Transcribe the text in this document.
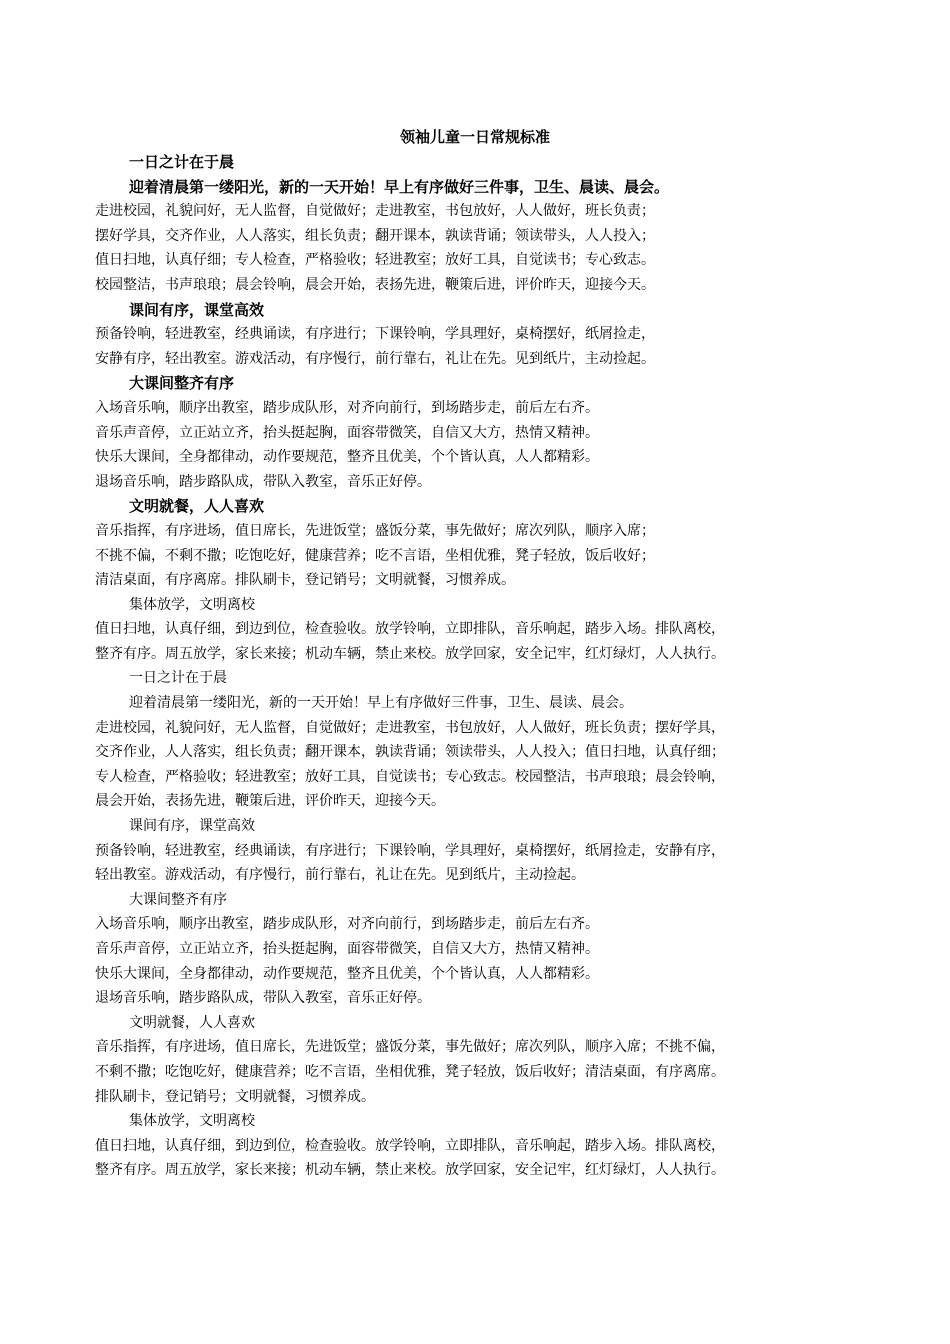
领袖儿童一日常规标准
一日之计在于晨
迎着清晨第一缕阳光，新的一天开始！早上有序做好三件事，卫生、晨读、晨会。
走进校园，礼貌问好，无人监督，自觉做好；走进教室，书包放好，人人做好，班长负责；
摆好学具，交齐作业，人人落实，组长负责；翻开课本，孰读背诵；领读带头，人人投入；
值日扫地，认真仔细；专人检查，严格验收；轻进教室；放好工具，自觉读书；专心致志。
校园整洁，书声琅琅；晨会铃响，晨会开始，表扬先进，鞭策后进，评价昨天，迎接今天。
课间有序，课堂高效
预备铃响，轻进教室，经典诵读，有序进行；下课铃响，学具理好，桌椅摆好，纸屑捡走，
安静有序，轻出教室。游戏活动，有序慢行，前行靠右，礼让在先。见到纸片，主动捡起。
大课间整齐有序
入场音乐响，顺序出教室，踏步成队形，对齐向前行，到场踏步走，前后左右齐。
音乐声音停，立正站立齐，抬头挺起胸，面容带微笑，自信又大方，热情又精神。
快乐大课间，全身都律动，动作要规范，整齐且优美，个个皆认真，人人都精彩。
退场音乐响，踏步路队成，带队入教室，音乐正好停。
文明就餐，人人喜欢
音乐指挥，有序进场，值日席长，先进饭堂；盛饭分菜，事先做好；席次列队，顺序入席；
不挑不偏，不剩不撒；吃饱吃好，健康营养；吃不言语，坐相优雅，凳子轻放，饭后收好；
清洁桌面，有序离席。排队刷卡，登记销号；文明就餐，习惯养成。
集体放学，文明离校
值日扫地，认真仔细，到边到位，检查验收。放学铃响，立即排队，音乐响起，踏步入场。排队离校，
整齐有序。周五放学，家长来接；机动车辆，禁止来校。放学回家，安全记牢，红灯绿灯，人人执行。
一日之计在于晨
迎着清晨第一缕阳光，新的一天开始！早上有序做好三件事，卫生、晨读、晨会。
走进校园，礼貌问好，无人监督，自觉做好；走进教室，书包放好，人人做好，班长负责；摆好学具，
交齐作业，人人落实，组长负责；翻开课本，孰读背诵；领读带头，人人投入；值日扫地，认真仔细；
专人检查，严格验收；轻进教室；放好工具，自觉读书；专心致志。校园整洁，书声琅琅；晨会铃响，
晨会开始，表扬先进，鞭策后进，评价昨天，迎接今天。
课间有序，课堂高效
预备铃响，轻进教室，经典诵读，有序进行；下课铃响，学具理好，桌椅摆好，纸屑捡走，安静有序，
轻出教室。游戏活动，有序慢行，前行靠右，礼让在先。见到纸片，主动捡起。
大课间整齐有序
入场音乐响，顺序出教室，踏步成队形，对齐向前行，到场踏步走，前后左右齐。
音乐声音停，立正站立齐，抬头挺起胸，面容带微笑，自信又大方，热情又精神。
快乐大课间，全身都律动，动作要规范，整齐且优美，个个皆认真，人人都精彩。
退场音乐响，踏步路队成，带队入教室，音乐正好停。
文明就餐，人人喜欢
音乐指挥，有序进场，值日席长，先进饭堂；盛饭分菜，事先做好；席次列队，顺序入席；不挑不偏，
不剩不撒；吃饱吃好，健康营养；吃不言语，坐相优雅，凳子轻放，饭后收好；清洁桌面，有序离席。
排队刷卡，登记销号；文明就餐，习惯养成。
集体放学，文明离校
值日扫地，认真仔细，到边到位，检查验收。放学铃响，立即排队，音乐响起，踏步入场。排队离校，
整齐有序。周五放学，家长来接；机动车辆，禁止来校。放学回家，安全记牢，红灯绿灯，人人执行。
